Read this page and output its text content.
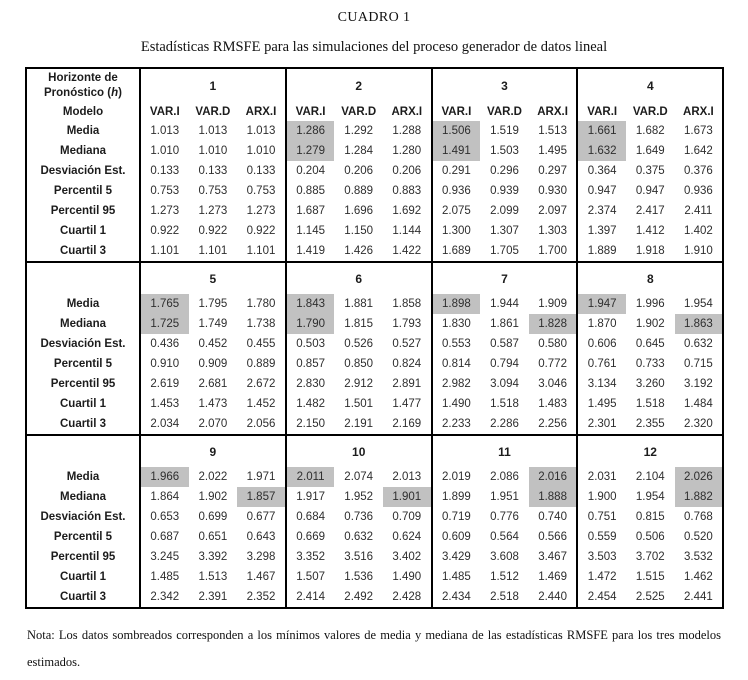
CUADRO 1
Estadísticas RMSFE para las simulaciones del proceso generador de datos lineal
Horizonte de
Pronóstico (h)	1			2			3			4		
Modelo	VAR.I	VAR.D	ARX.I	VAR.I	VAR.D	ARX.I	VAR.I	VAR.D	ARX.I	VAR.I	VAR.D	ARX.I
Media	1.013	1.013	1.013	1.286	1.292	1.288	1.506	1.519	1.513	1.661	1.682	1.673
Mediana	1.010	1.010	1.010	1.279	1.284	1.280	1.491	1.503	1.495	1.632	1.649	1.642
Desviación Est.	0.133	0.133	0.133	0.204	0.206	0.206	0.291	0.296	0.297	0.364	0.375	0.376
Percentil 5	0.753	0.753	0.753	0.885	0.889	0.883	0.936	0.939	0.930	0.947	0.947	0.936
Percentil 95	1.273	1.273	1.273	1.687	1.696	1.692	2.075	2.099	2.097	2.374	2.417	2.411
Cuartil 1	0.922	0.922	0.922	1.145	1.150	1.144	1.300	1.307	1.303	1.397	1.412	1.402
Cuartil 3	1.101	1.101	1.101	1.419	1.426	1.422	1.689	1.705	1.700	1.889	1.918	1.910
	5			6			7			8		
Media	1.765	1.795	1.780	1.843	1.881	1.858	1.898	1.944	1.909	1.947	1.996	1.954
Mediana	1.725	1.749	1.738	1.790	1.815	1.793	1.830	1.861	1.828	1.870	1.902	1.863
Desviación Est.	0.436	0.452	0.455	0.503	0.526	0.527	0.553	0.587	0.580	0.606	0.645	0.632
Percentil 5	0.910	0.909	0.889	0.857	0.850	0.824	0.814	0.794	0.772	0.761	0.733	0.715
Percentil 95	2.619	2.681	2.672	2.830	2.912	2.891	2.982	3.094	3.046	3.134	3.260	3.192
Cuartil 1	1.453	1.473	1.452	1.482	1.501	1.477	1.490	1.518	1.483	1.495	1.518	1.484
Cuartil 3	2.034	2.070	2.056	2.150	2.191	2.169	2.233	2.286	2.256	2.301	2.355	2.320
	9			10			11			12		
Media	1.966	2.022	1.971	2.011	2.074	2.013	2.019	2.086	2.016	2.031	2.104	2.026
Mediana	1.864	1.902	1.857	1.917	1.952	1.901	1.899	1.951	1.888	1.900	1.954	1.882
Desviación Est.	0.653	0.699	0.677	0.684	0.736	0.709	0.719	0.776	0.740	0.751	0.815	0.768
Percentil 5	0.687	0.651	0.643	0.669	0.632	0.624	0.609	0.564	0.566	0.559	0.506	0.520
Percentil 95	3.245	3.392	3.298	3.352	3.516	3.402	3.429	3.608	3.467	3.503	3.702	3.532
Cuartil 1	1.485	1.513	1.467	1.507	1.536	1.490	1.485	1.512	1.469	1.472	1.515	1.462
Cuartil 3	2.342	2.391	2.352	2.414	2.492	2.428	2.434	2.518	2.440	2.454	2.525	2.441
Nota: Los datos sombreados corresponden a los mínimos valores de media y mediana de las estadísticas RMSFE para los tres modelos estimados.
